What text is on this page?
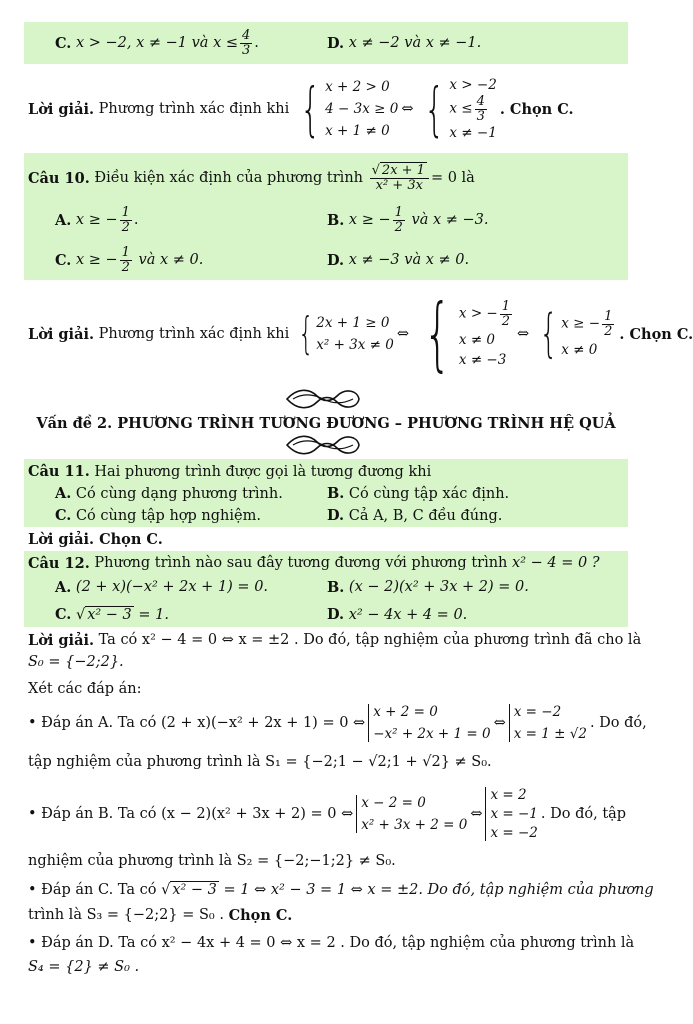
C.
x > −2, x ≠ −1 và $x \le \frac{4}{3}$ .	D.
x ≠ −2 và x ≠ −1.
Lời giải.
Phương trình xác định khi { x + 2 > 0
4 − 3x ≥ 0
x + 1 ≠ 0
⇔ { x > −2
$x \le \frac{4}{3}$
x ≠ −1
. Chọn C.
Câu 10.
Điều kiện xác định của phương trình
$\frac{√ 2x + 1}{\text{x² + 3x}} = 0$ là
A.
x ≥ − $\frac{1}{2}$ .	B.
x ≥ − $\frac{1}{2}$
và x ≠ −3.
C.
x ≥ − $\frac{1}{2}$
và x ≠ 0.	D.
x ≠ −3 và x ≠ 0.
Lời giải.
Phương trình xác định khi { 2x + 1 ≥ 0
x² + 3x ≠ 0
⇔ { x > − $\frac{1}{2}$
x ≠ 0
x ≠ −3
⇔ { x ≥ − $\frac{1}{2}$
x ≠ 0
. Chọn C.
Vấn đề 2. PHƯƠNG TRÌNH TƯƠNG ĐƯƠNG – PHƯƠNG TRÌNH HỆ QUẢ
Câu 11.
Hai phương trình được gọi là tương đương khi
A.
Có cùng dạng phương trình.	B.
Có cùng tập xác định.
C.
Có cùng tập hợp nghiệm.	D.
Cả A, B, C đều đúng.
Lời giải. Chọn C.
Câu 12.
Phương trình nào sau đây tương đương với phương trình
x² − 4 = 0 ?
A.
(2 + x)(−x² + 2x + 1) = 0.	B.
(x − 2)(x² + 3x + 2) = 0.
C.
√ x² − 3
= 1.	D.
x² − 4x + 4 = 0.
Lời giải.
Ta có x² − 4 = 0 ⇔ x = ±2 . Do đó, tập nghiệm của phương trình đã cho là
S₀ = {−2;2}.
Xét các đáp án:
• Đáp án A. Ta có (2 + x)(−x² + 2x + 1) = 0 ⇔
x + 2 = 0
−x² + 2x + 1 = 0
⇔
x = −2
x = 1 ± √2
. Do đó,
tập nghiệm của phương trình là S₁ = {−2;1 − √2;1 + √2} ≠ S₀.
• Đáp án B. Ta có (x − 2)(x² + 3x + 2) = 0 ⇔
x − 2 = 0
x² + 3x + 2 = 0
⇔
x = 2
x = −1
x = −2
. Do đó, tập
nghiệm của phương trình là S₂ = {−2;−1;2} ≠ S₀.
• Đáp án C. Ta có
√ x² − 3
= 1 ⇔ x² − 3 = 1 ⇔ x = ±2. Do đó, tập nghiệm của phương
trình là S₃ = {−2;2} = S₀ .
Chọn C.
• Đáp án D. Ta có x² − 4x + 4 = 0 ⇔ x = 2 . Do đó, tập nghiệm của phương trình là
S₄ = {2} ≠ S₀ .
